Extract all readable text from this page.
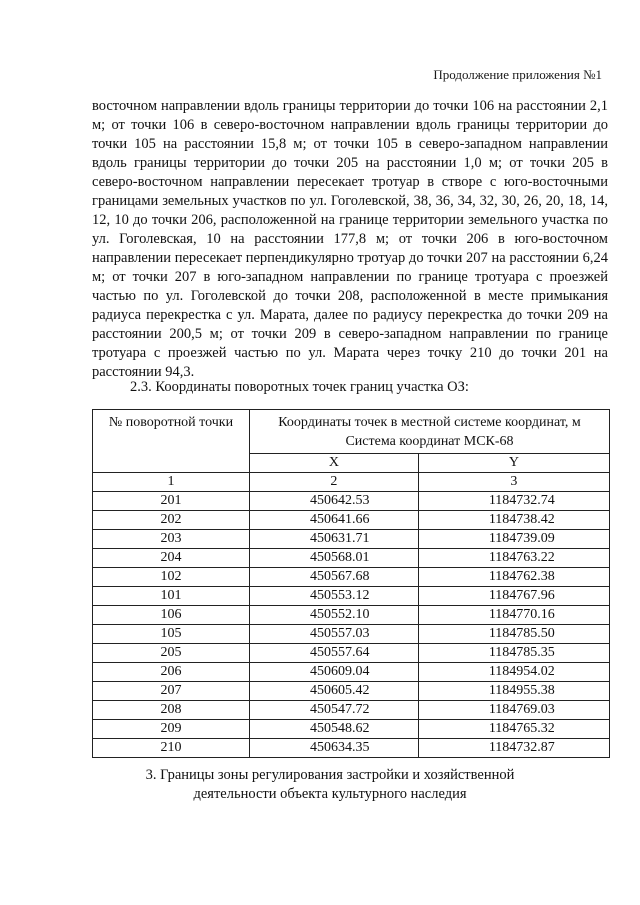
Продолжение приложения №1

восточном направлении вдоль границы территории до точки 106 на расстоянии 2,1 м; от точки 106 в северо-восточном направлении вдоль границы территории до точки 105 на расстоянии 15,8 м; от точки 105 в северо-западном направлении вдоль границы территории до точки 205 на расстоянии 1,0 м; от точки 205 в северо-восточном направлении пересекает тротуар в створе с юго-восточными границами земельных участков по ул. Гоголевской, 38, 36, 34, 32, 30, 26, 20, 18, 14, 12, 10 до точки 206, расположенной на границе территории земельного участка по ул. Гоголевская, 10 на расстоянии 177,8 м; от точки 206 в юго-восточном направлении пересекает перпендикулярно тротуар до точки 207 на расстоянии 6,24 м; от точки 207 в юго-западном направлении по границе тротуара с проезжей частью по ул. Гоголевской до точки 208, расположенной в месте примыкания радиуса перекрестка с ул. Марата, далее по радиусу перекрестка до точки 209 на расстоянии 200,5 м; от точки 209 в северо-западном направлении по границе тротуара с проезжей частью по ул. Марата через точку 210 до точки 201 на расстоянии 94,3.

2.3. Координаты поворотных точек границ участка ОЗ:
№ поворотной точки	Координаты точек в местной системе координат, м Система координат МСК-68	
	X	Y
1	2	3
201	450642.53	1184732.74
202	450641.66	1184738.42
203	450631.71	1184739.09
204	450568.01	1184763.22
102	450567.68	1184762.38
101	450553.12	1184767.96
106	450552.10	1184770.16
105	450557.03	1184785.50
205	450557.64	1184785.35
206	450609.04	1184954.02
207	450605.42	1184955.38
208	450547.72	1184769.03
209	450548.62	1184765.32
210	450634.35	1184732.87
3. Границы зоны регулирования застройки и хозяйственной деятельности объекта культурного наследия
